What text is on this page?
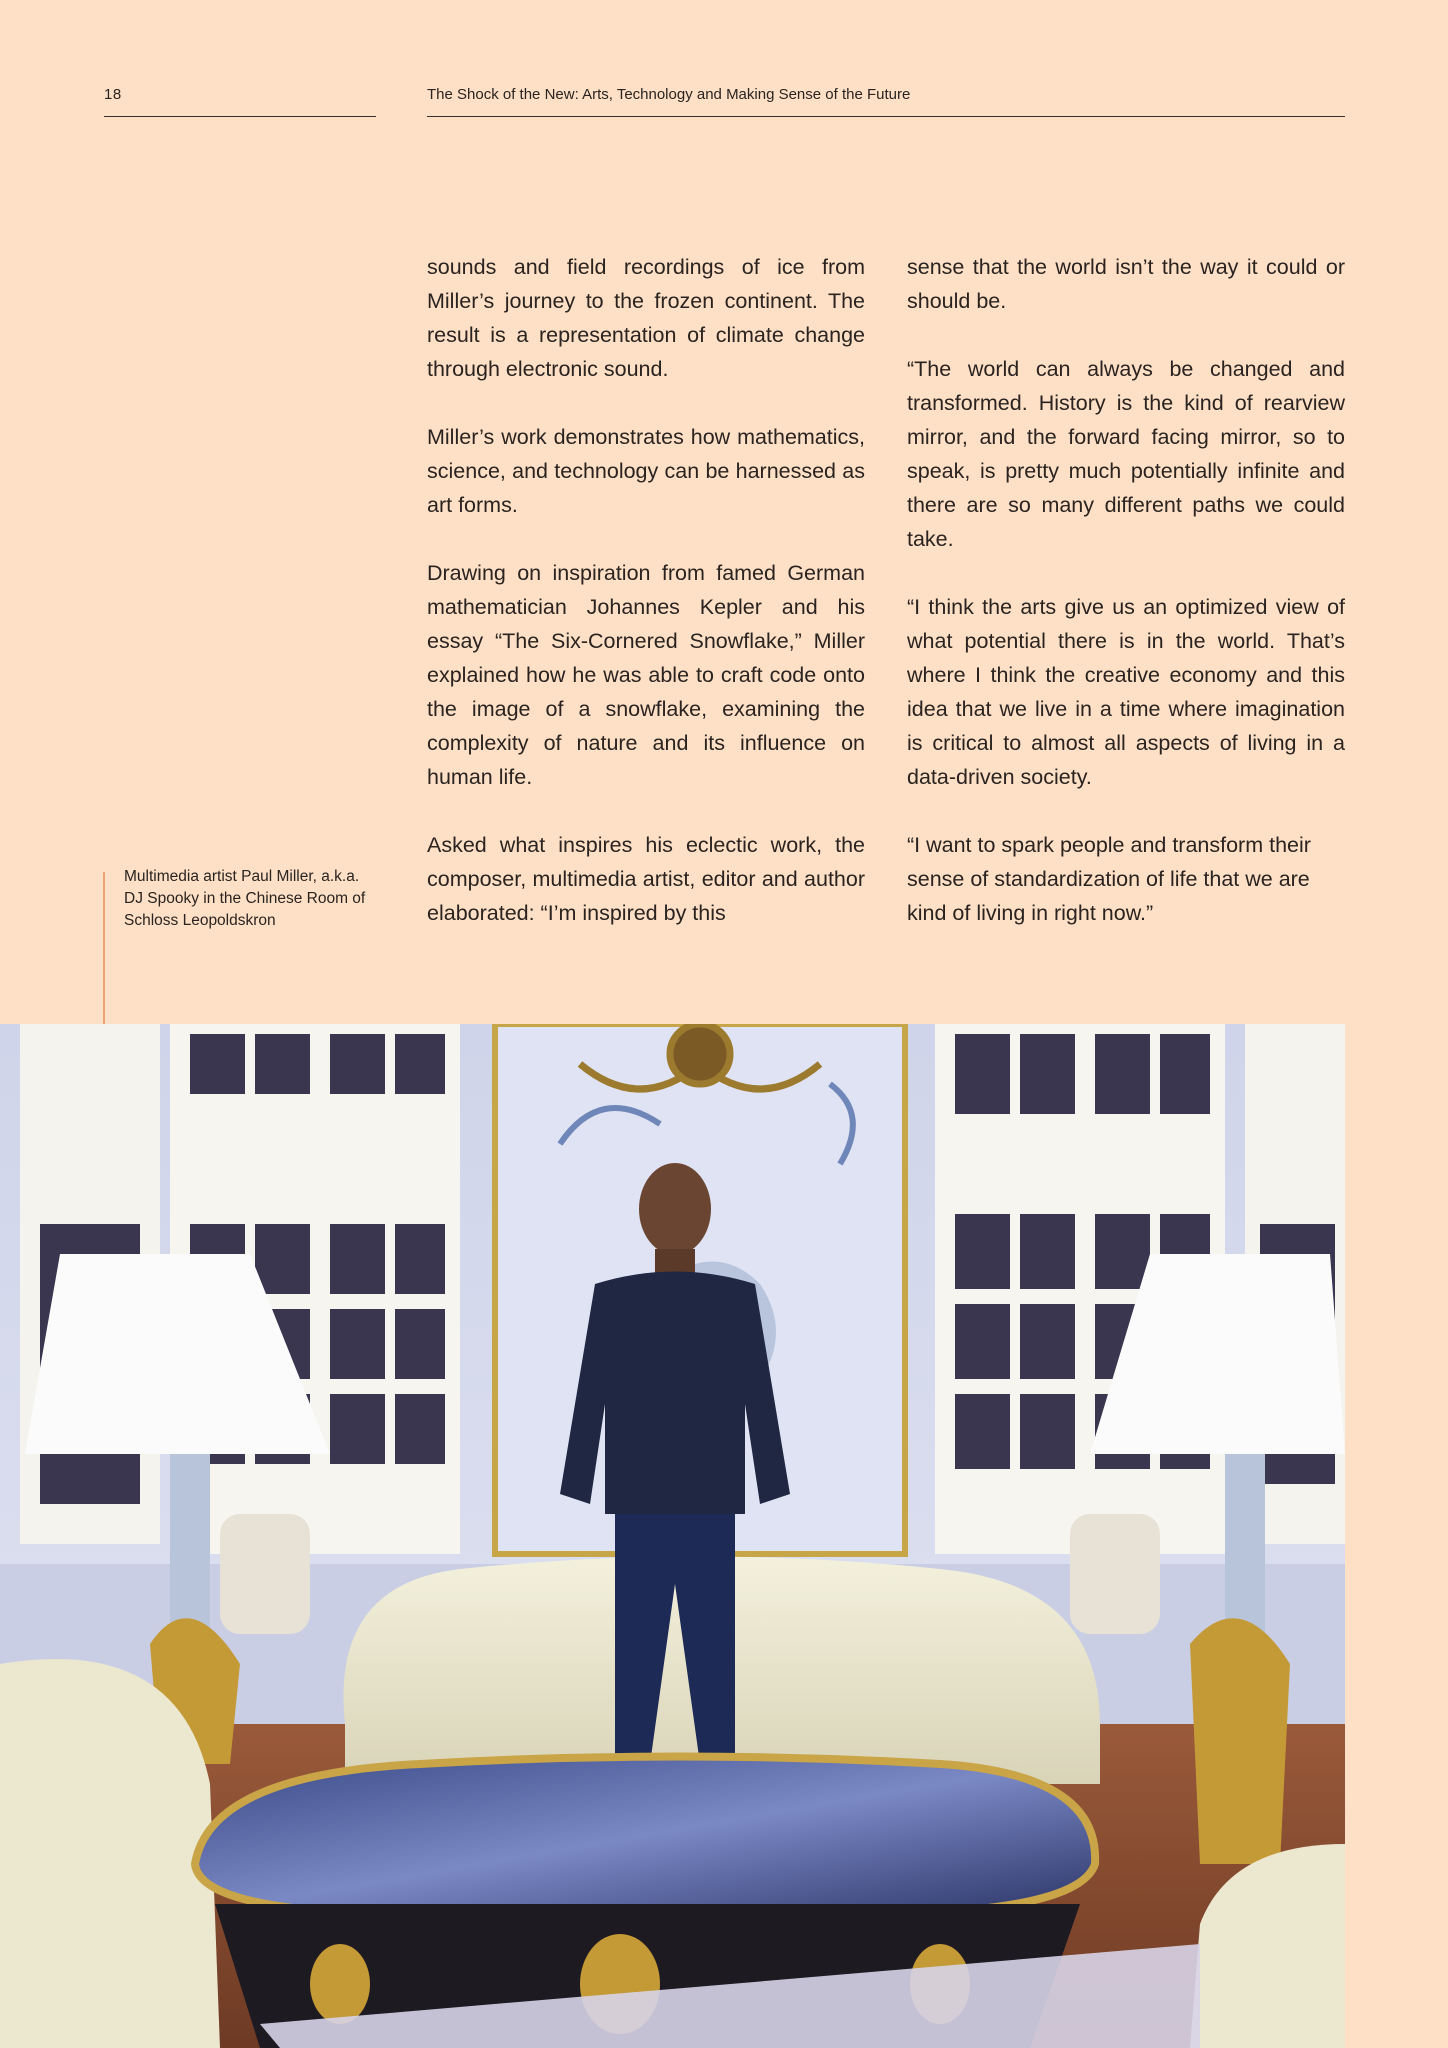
18	The Shock of the New: Arts, Technology and Making Sense of the Future

sounds and field recordings of ice from Miller’s journey to the frozen continent. The result is a representation of climate change through electronic sound.

Miller’s work demonstrates how mathematics, science, and technology can be harnessed as art forms.

Drawing on inspiration from famed German mathematician Johannes Kepler and his essay “The Six-Cornered Snowflake,” Miller explained how he was able to craft code onto the image of a snowflake, examining the complexity of nature and its influence on human life.

Asked what inspires his eclectic work, the composer, multimedia artist, editor and author elaborated: “I’m inspired by this

sense that the world isn’t the way it could or should be.

“The world can always be changed and transformed. History is the kind of rearview mirror, and the forward facing mirror, so to speak, is pretty much potentially infinite and there are so many different paths we could take.

“I think the arts give us an optimized view of what potential there is in the world. That’s where I think the creative economy and this idea that we live in a time where imagination is critical to almost all aspects of living in a data-driven society.

“I want to spark people and transform their sense of standardization of life that we are kind of living in right now.”

Multimedia artist Paul Miller, a.k.a. DJ Spooky in the Chinese Room of Schloss Leopoldskron
